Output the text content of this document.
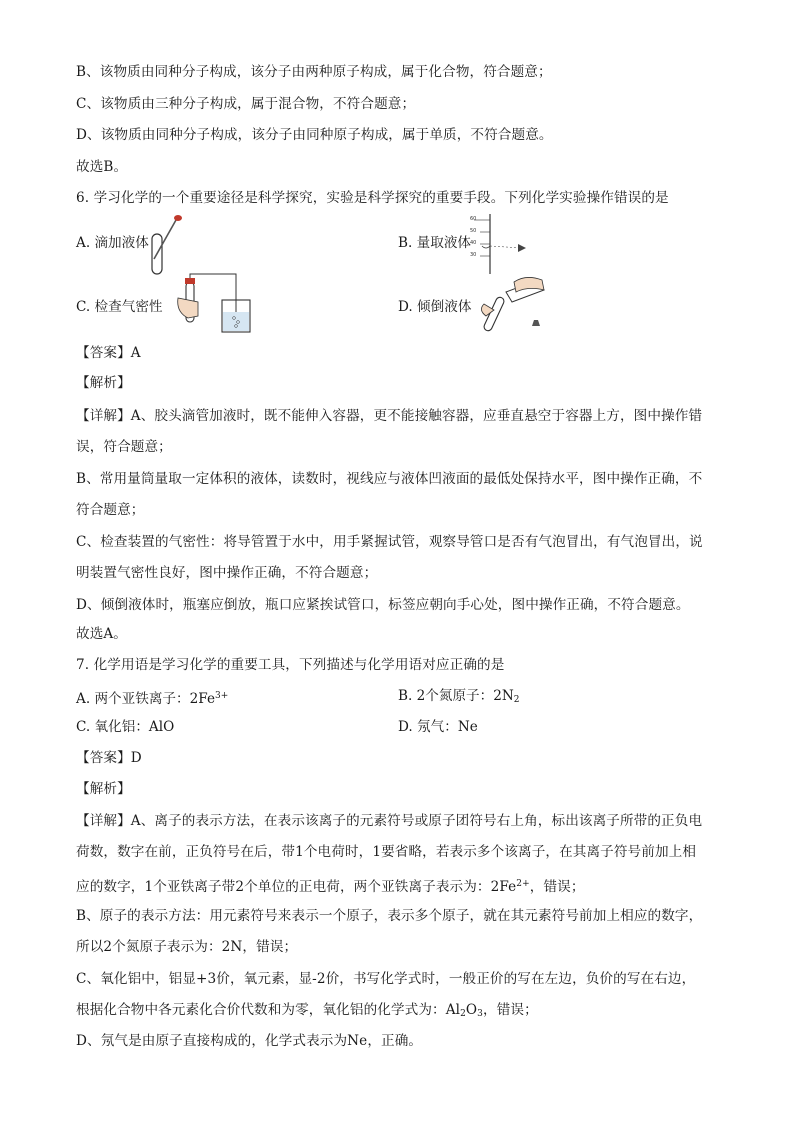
B、该物质由同种分子构成，该分子由两种原子构成，属于化合物，符合题意；
C、该物质由三种分子构成，属于混合物，不符合题意；
D、该物质由同种分子构成，该分子由同种原子构成，属于单质，不符合题意。
故选B。
6. 学习化学的一个重要途径是科学探究，实验是科学探究的重要手段。下列化学实验操作错误的是
A. 滴加液体	B. 量取液体
60
50
40
30
C. 检查气密性	D. 倾倒液体
【答案】A
【解析】
【详解】A、胶头滴管加液时，既不能伸入容器，更不能接触容器，应垂直悬空于容器上方，图中操作错
误，符合题意；
B、常用量筒量取一定体积的液体，读数时，视线应与液体凹液面的最低处保持水平，图中操作正确，不
符合题意；
C、检查装置的气密性：将导管置于水中，用手紧握试管，观察导管口是否有气泡冒出，有气泡冒出，说
明装置气密性良好，图中操作正确，不符合题意；
D、倾倒液体时，瓶塞应倒放，瓶口应紧挨试管口，标签应朝向手心处，图中操作正确，不符合题意。
故选A。
7. 化学用语是学习化学的重要工具，下列描述与化学用语对应正确的是
A. 两个亚铁离子：$2Fe^{3+}$	B. 2个氮原子：$2N_2$
C. 氧化铝：AlO	D. 氖气：Ne
【答案】D
【解析】
【详解】A、离子的表示方法，在表示该离子的元素符号或原子团符号右上角，标出该离子所带的正负电
荷数，数字在前，正负符号在后，带1个电荷时，1要省略，若表示多个该离子，在其离子符号前加上相
应的数字，1个亚铁离子带2个单位的正电荷，两个亚铁离子表示为：$2Fe^{2+}$，错误；
B、原子的表示方法：用元素符号来表示一个原子，表示多个原子，就在其元素符号前加上相应的数字，
所以2个氮原子表示为：2N，错误；
C、氧化铝中，铝显+3价，氧元素，显-2价，书写化学式时，一般正价的写在左边，负价的写在右边，
根据化合物中各元素化合价代数和为零，氧化铝的化学式为：$Al_2O_3$，错误；
D、氖气是由原子直接构成的，化学式表示为Ne，正确。
